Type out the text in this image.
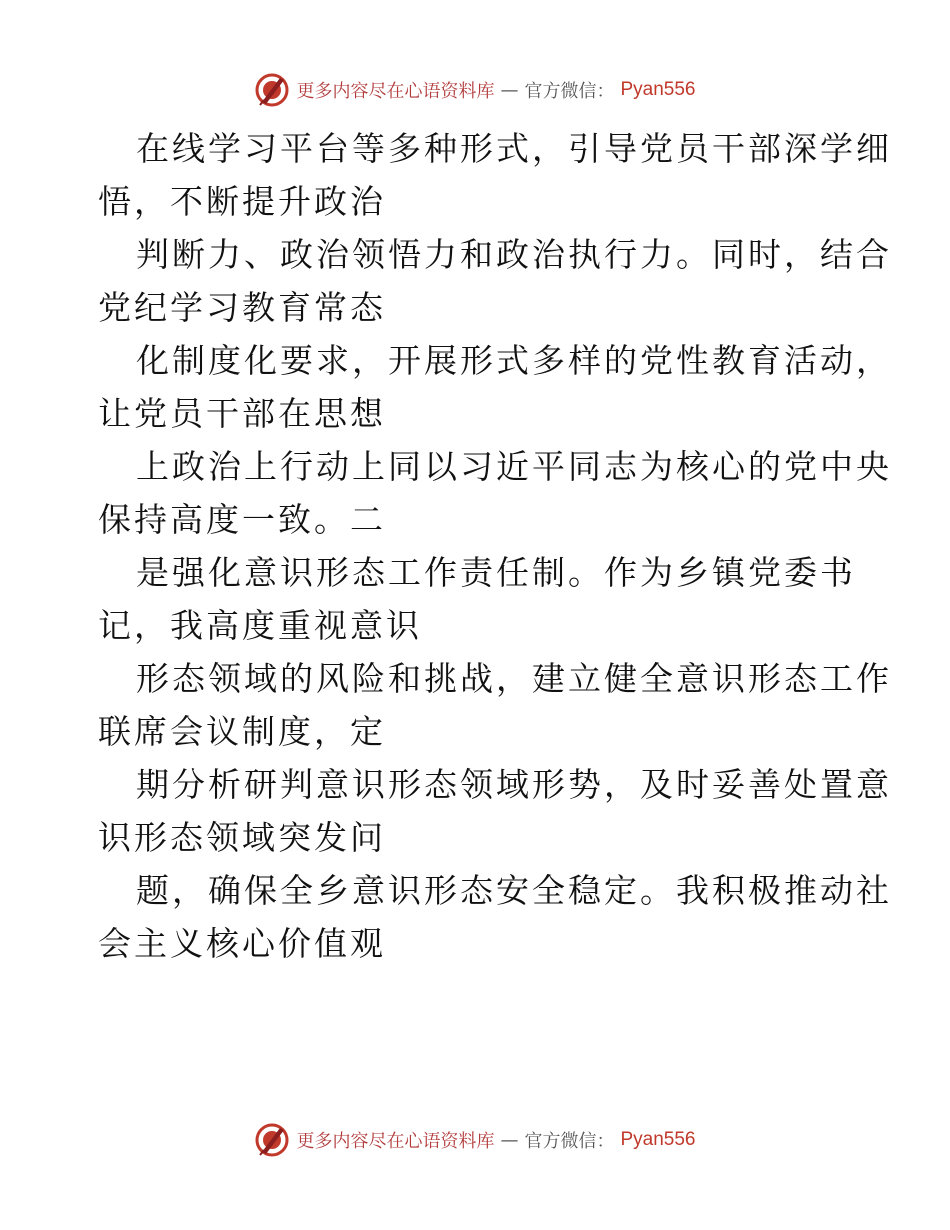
更多内容尽在心语资料库 — 官方微信： Pyan556
在线学习平台等多种形式，引导党员干部深学细
悟，不断提升政治
判断力、政治领悟力和政治执行力。同时，结合
党纪学习教育常态
化制度化要求，开展形式多样的党性教育活动，
让党员干部在思想
上政治上行动上同以习近平同志为核心的党中央
保持高度一致。二
是强化意识形态工作责任制。作为乡镇党委书
记，我高度重视意识
形态领域的风险和挑战，建立健全意识形态工作
联席会议制度，定
期分析研判意识形态领域形势，及时妥善处置意
识形态领域突发问
题，确保全乡意识形态安全稳定。我积极推动社
会主义核心价值观
更多内容尽在心语资料库 — 官方微信： Pyan556
